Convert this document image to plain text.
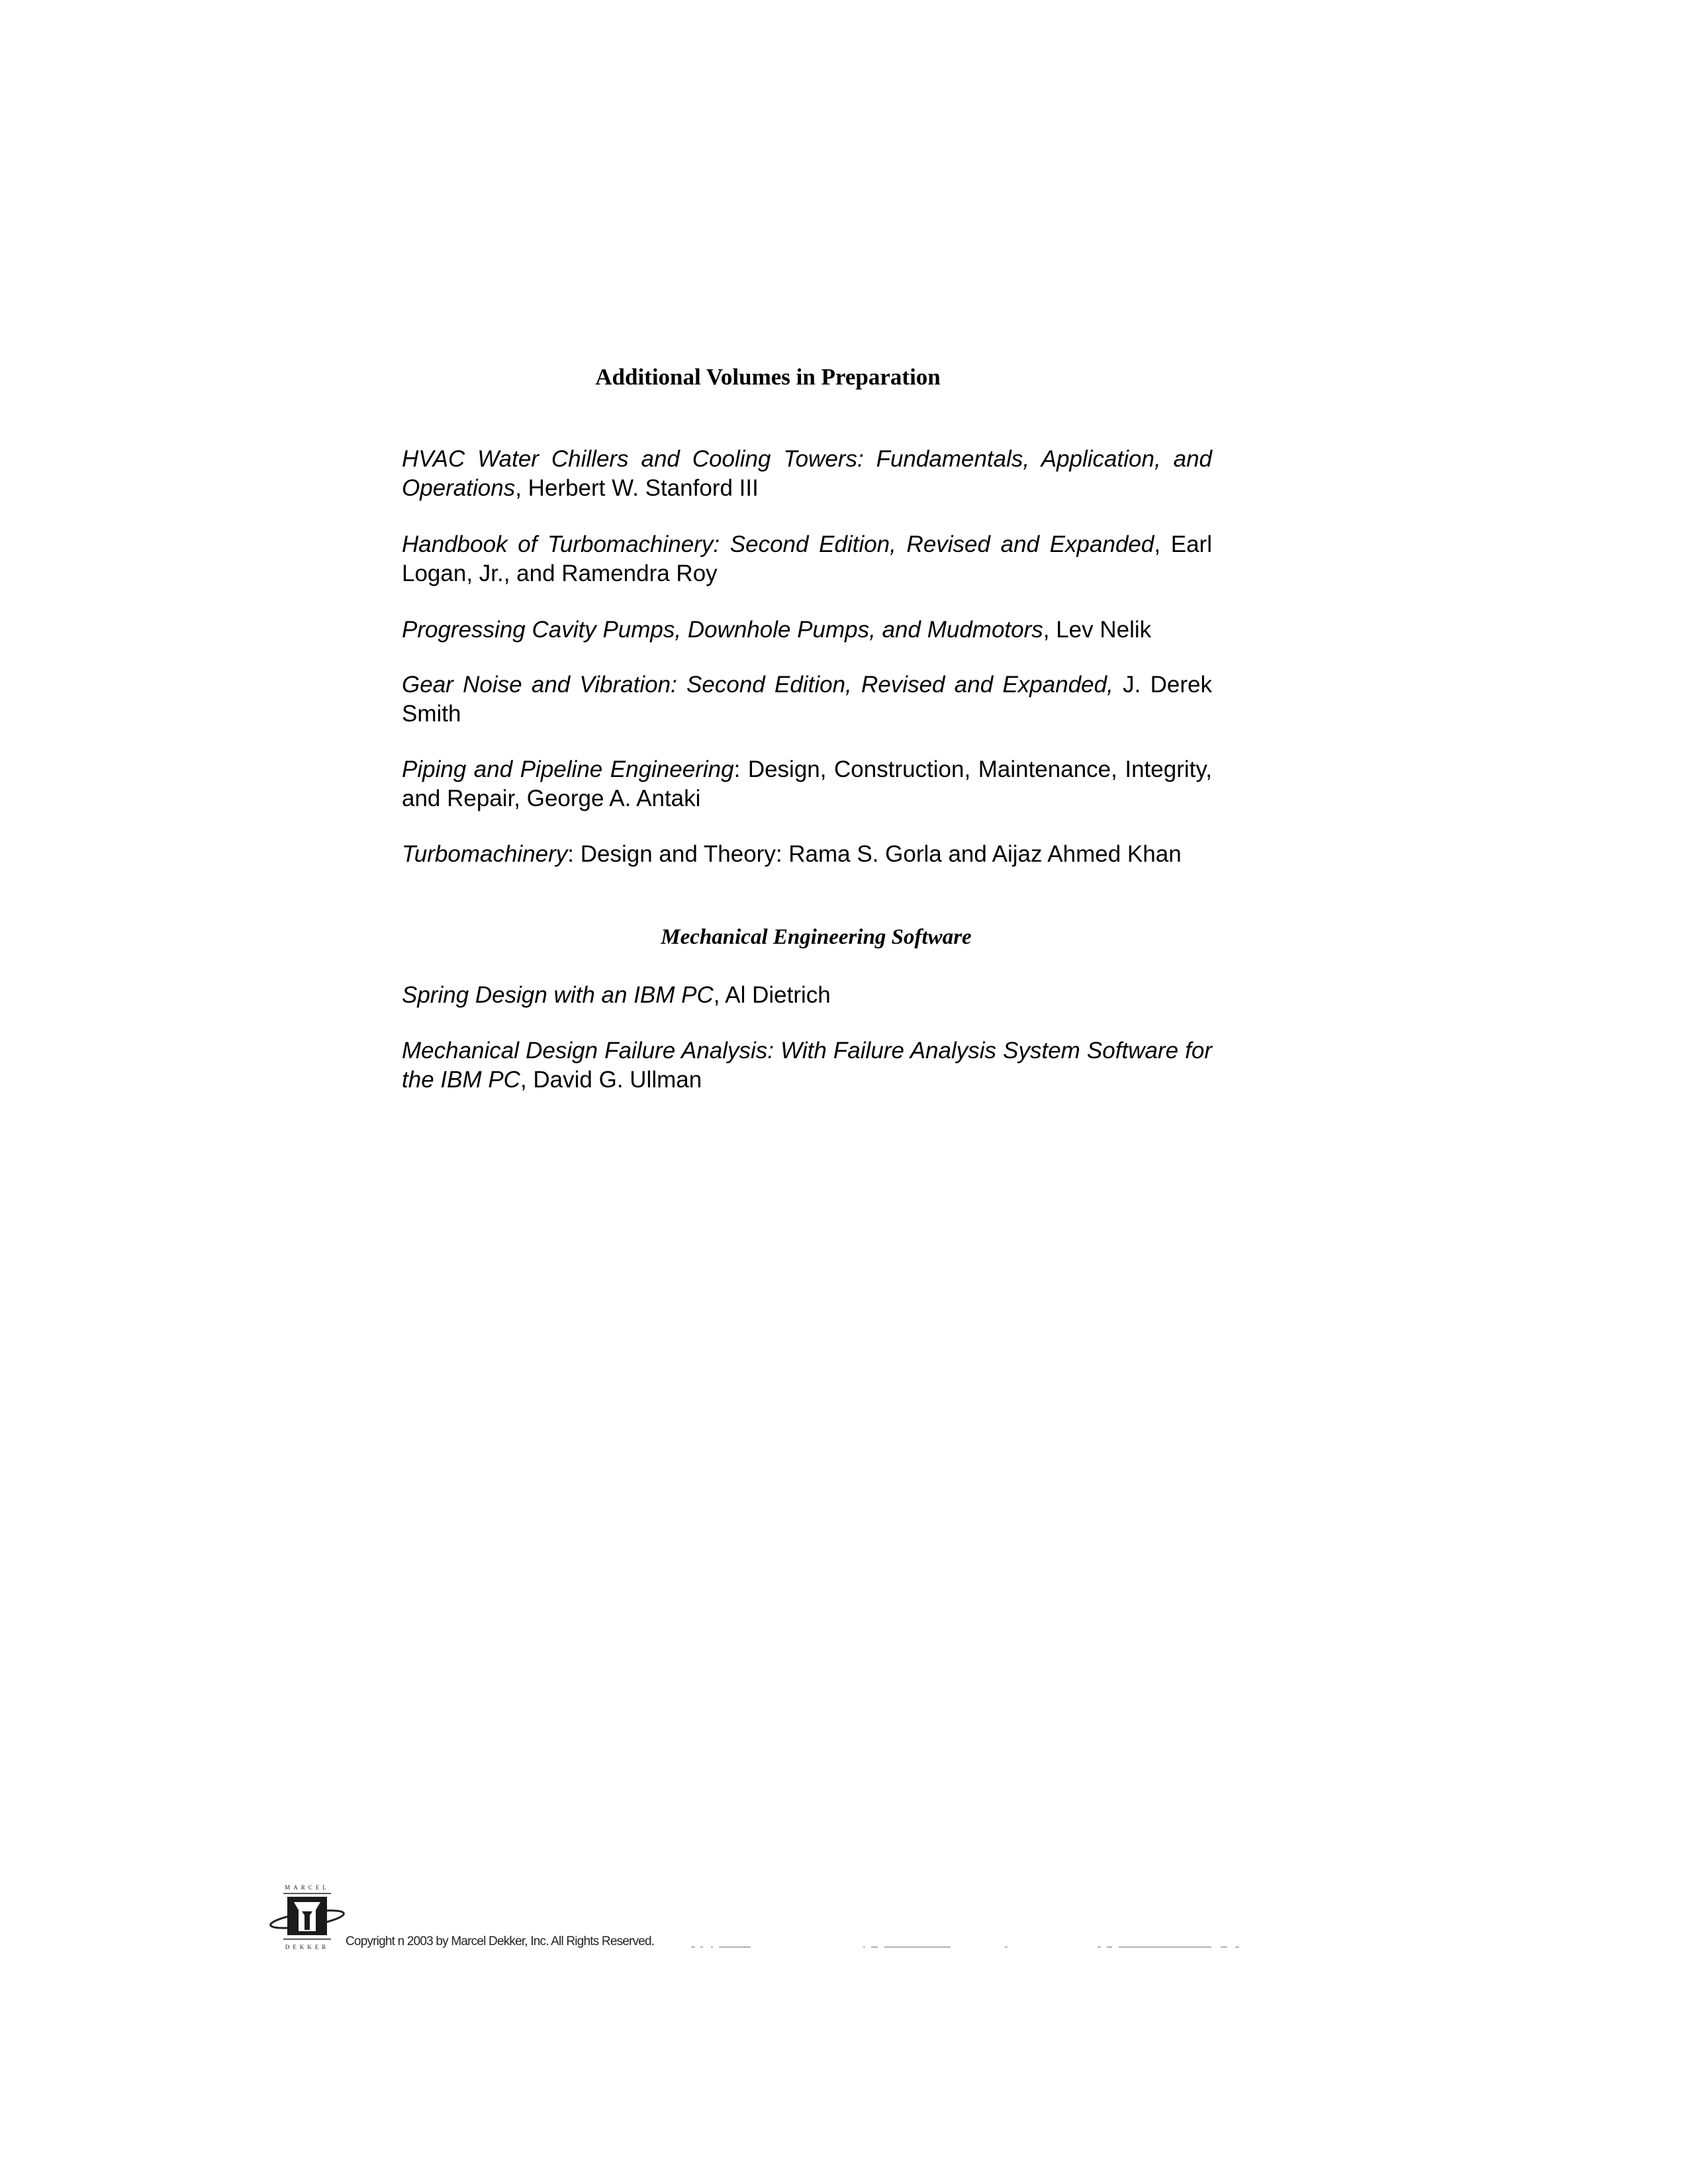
Additional Volumes in Preparation

HVAC Water Chillers and Cooling Towers: Fundamentals, Application, and Operations, Herbert W. Stanford III

Handbook of Turbomachinery: Second Edition, Revised and Expanded, Earl Logan, Jr., and Ramendra Roy

Progressing Cavity Pumps, Downhole Pumps, and Mudmotors, Lev Nelik

Gear Noise and Vibration: Second Edition, Revised and Expanded, J. Derek Smith

Piping and Pipeline Engineering: Design, Construction, Maintenance, Integrity, and Repair, George A. Antaki

Turbomachinery: Design and Theory: Rama S. Gorla and Aijaz Ahmed Khan

Mechanical Engineering Software

Spring Design with an IBM PC, Al Dietrich

Mechanical Design Failure Analysis: With Failure Analysis System Software for the IBM PC, David G. Ullman

MARCEL
DEKKER Copyright n 2003 by Marcel Dekker, Inc. All Rights Reserved.
